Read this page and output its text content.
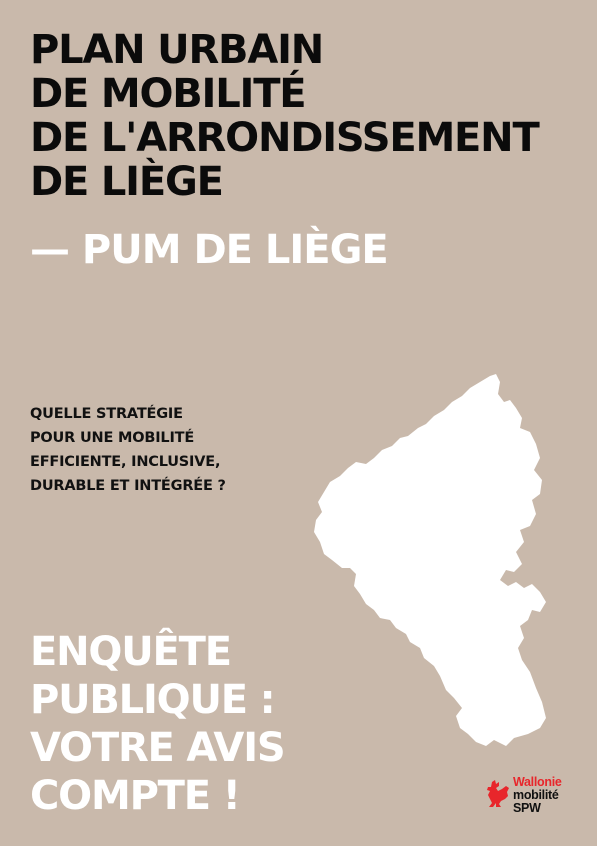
PLAN URBAIN
DE MOBILITÉ
DE L'ARRONDISSEMENT
DE LIÈGE
— PUM DE LIÈGE
QUELLE STRATÉGIE
POUR UNE MOBILITÉ
EFFICIENTE, INCLUSIVE,
DURABLE ET INTÉGRÉE ?
ENQUÊTE
PUBLIQUE :
VOTRE AVIS
COMPTE !	Wallonie
mobilité
SPW
